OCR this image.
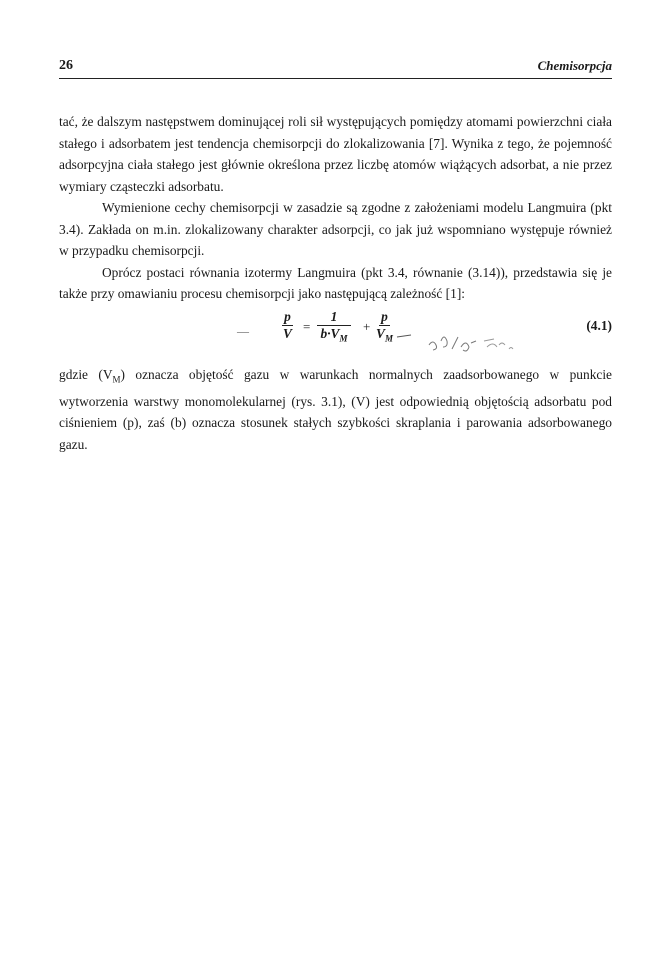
26	Chemisorpcja

tać, że dalszym następstwem dominującej roli sił występujących pomiędzy atomami powierzchni ciała stałego i adsorbatem jest tendencja chemisorpcji do zlokalizowania [7]. Wynika z tego, że pojemność adsorpcyjna ciała stałego jest głównie określona przez liczbę atomów wiążących adsorbat, a nie przez wymiary cząsteczki adsorbatu.

Wymienione cechy chemisorpcji w zasadzie są zgodne z założeniami modelu Langmuira (pkt 3.4). Zakłada on m.in. zlokalizowany charakter adsorpcji, co jak już wspomniano występuje również w przypadku chemisorpcji.

Oprócz postaci równania izotermy Langmuira (pkt 3.4, równanie (3.14)), przedstawia się je także przy omawianiu procesu chemisorpcji jako następującą zależność [1]:

— $\frac{p}{V} = \frac{1}{b\cdot V_M} + \frac{p}{V_M}$	(4.1)

gdzie $(V_M)$ oznacza objętość gazu w warunkach normalnych zaadsorbowanego w punkcie wytworzenia warstwy monomolekularnej (rys. 3.1), (V) jest odpowiednią objętością adsorbatu pod ciśnieniem (p), zaś (b) oznacza stosunek stałych szybkości skraplania i parowania adsorbowanego gazu.
